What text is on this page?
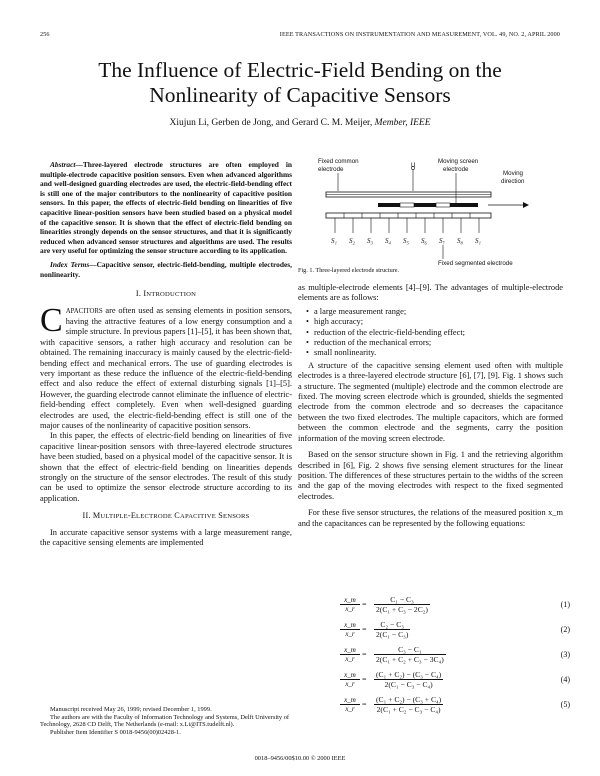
256	IEEE TRANSACTIONS ON INSTRUMENTATION AND MEASUREMENT, VOL. 49, NO. 2, APRIL 2000
The Influence of Electric-Field Bending on the
Nonlinearity of Capacitive Sensors
Xiujun Li, Gerben de Jong, and Gerard C. M. Meijer, Member, IEEE
Abstract—Three-layered electrode structures are often employed in multiple-electrode capacitive position sensors. Even when advanced algorithms and well-designed guarding electrodes are used, the electric-field-bending effect is still one of the major contributors to the nonlinearity of capacitive position sensors. In this paper, the effects of electric-field bending on linearities of five capacitive linear-position sensors have been studied based on a physical model of the capacitive sensor. It is shown that the effect of electric-field bending on linearities strongly depends on the sensor structures, and that it is significantly reduced when advanced sensor structures and algorithms are used. The results are very useful for optimizing the sensor structure according to its application.
Index Terms—Capacitive sensor, electric-field-bending, multiple electrodes, nonlinearity.
I. INTRODUCTION

CAPACITORS are often used as sensing elements in position sensors, having the attractive features of a low energy consumption and a simple structure. In previous papers [1]–[5], it has been shown that, with capacitive sensors, a rather high accuracy and resolution can be obtained. The remaining inaccuracy is mainly caused by the electric-field-bending effect and mechanical errors. The use of guarding electrodes is very important as these reduce the influence of the electric-field-bending effect and also reduce the effect of external disturbing signals [1]–[5]. However, the guarding electrode cannot eliminate the influence of electric-field-bending effect completely. Even when well-designed guarding electrodes are used, the electric-field-bending effect is still one of the major causes of the nonlinearity of capacitive position sensors.

In this paper, the effects of electric-field bending on linearities of five capacitive linear-position sensors with three-layered electrode structures have been studied, based on a physical model of the capacitive sensor. It is shown that the effect of electric-field bending on linearities depends strongly on the structure of the sensor electrodes. The result of this study can be used to optimize the sensor electrode structure according to its application.

II. MULTIPLE-ELECTRODE CAPACITIVE SENSORS

In accurate capacitive sensor systems with a large measurement range, the capacitive sensing elements are implemented

Manuscript received May 26, 1999; revised December 1, 1999.

The authors are with the Faculty of Information Technology and Systems, Delft University of Technology, 2628 CD Delft, The Netherlands (e-mail: x.Li@ITS.tudelft.nl).

Publisher Item Identifier S 0018-9456(00)02428-1.

Fixed common
electrode
U
Moving screen
electrode
Moving
direction
Fixed segmented electrode
S₁ S₂ S₃ S₄ S₅ S₆ S₇ S₈ S₁
Fig. 1. Three-layered electrode structure.

as multiple-electrode elements [4]–[9]. The advantages of multiple-electrode elements are as follows:

• a large measurement range;
• high accuracy;
• reduction of the electric-field-bending effect;
• reduction of the mechanical errors;
• small nonlinearity.

A structure of the capacitive sensing element used often with multiple electrodes is a three-layered electrode structure [6], [7], [9]. Fig. 1 shows such a structure. The segmented (multiple) electrode and the common electrode are fixed. The moving screen electrode which is grounded, shields the segmented electrode from the common electrode and so decreases the capacitance between the two fixed electrodes. The multiple capacitors, which are formed between the common electrode and the segments, carry the position information of the moving screen electrode.

Based on the sensor structure shown in Fig. 1 and the retrieving algorithm described in [6], Fig. 2 shows five sensing element structures for the linear position. The differences of these structures pertain to the widths of the screen and the gap of the moving electrodes with respect to the fixed segmented electrodes.

For these five sensor structures, the relations of the measured position x_m and the capacitances can be represented by the following equations:

x_m
x_r =
C₁ − C₃
2(C₁ + C₃ − 2C₂)
(1)
x_m
x_r =
C₂ − C₃
2(C₁ − C₃)
(2)
x_m
x_r =
C₃ − C₁
2(C₁ + C₂ + C₃ − 3C₄)
(3)
x_m
x_r =
(C₁ + C₂) − (C₃ − C₄)
2(C₁ − C₃ − C₄)
(4)
x_m
x_r =
(C₁ + C₂) − (C₃ + C₄)
2(C₁ + C₂ − C₃ − C₄)
(5)
0018–9456/00$10.00 © 2000 IEEE
